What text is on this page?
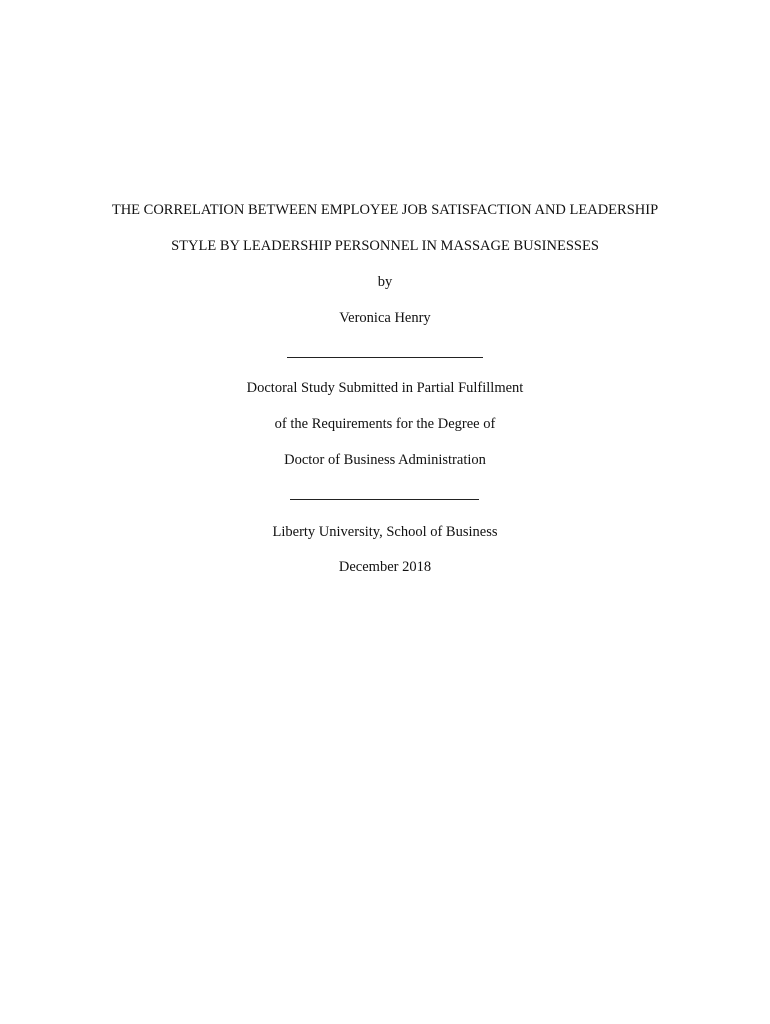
THE CORRELATION BETWEEN EMPLOYEE JOB SATISFACTION AND LEADERSHIP
STYLE BY LEADERSHIP PERSONNEL IN MASSAGE BUSINESSES
by
Veronica Henry
Doctoral Study Submitted in Partial Fulfillment
of the Requirements for the Degree of
Doctor of Business Administration
Liberty University, School of Business
December 2018
